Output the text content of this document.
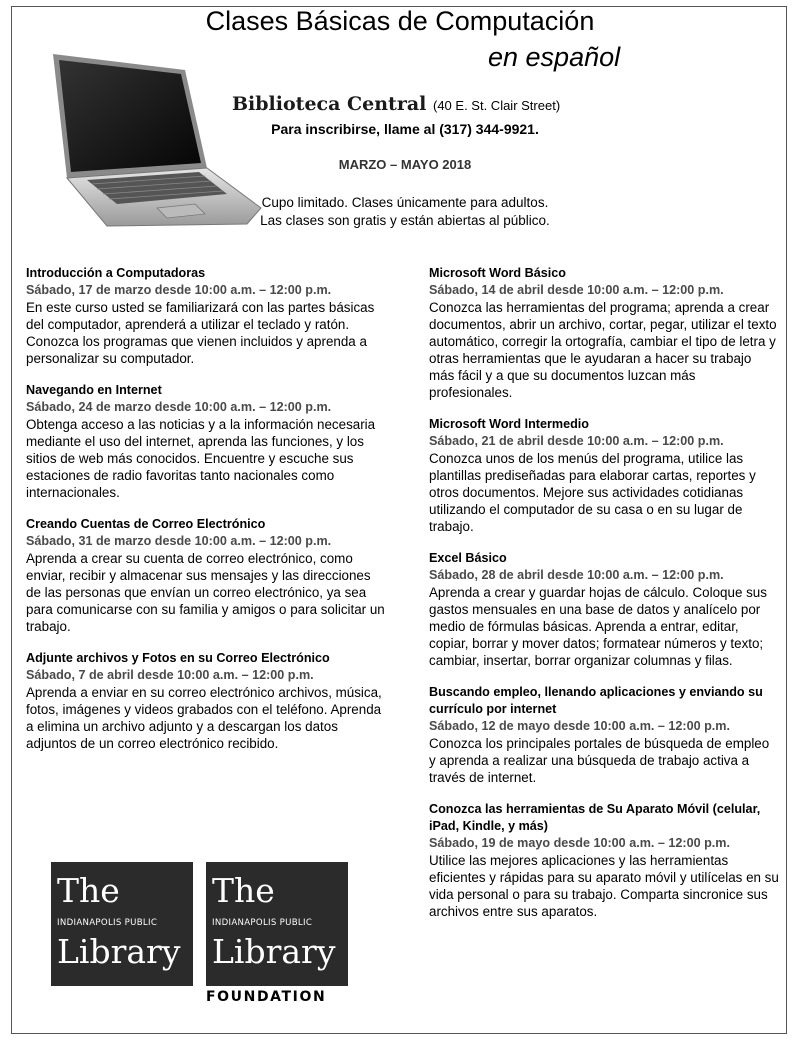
Clases Básicas de Computación
en español
Biblioteca Central (40 E. St. Clair Street)
Para inscribirse, llame al (317) 344-9921.
MARZO – MAYO 2018
Cupo limitado. Clases únicamente para adultos.
Las clases son gratis y están abiertas al público.
Introducción a Computadoras
Sábado, 17 de marzo desde 10:00 a.m. – 12:00 p.m.
En este curso usted se familiarizará con las partes básicas del computador, aprenderá a utilizar el teclado y ratón. Conozca los programas que vienen incluidos y aprenda a personalizar su computador.
Navegando en Internet
Sábado, 24 de marzo desde 10:00 a.m. – 12:00 p.m.
Obtenga acceso a las noticias y a la información necesaria mediante el uso del internet, aprenda las funciones, y los sitios de web más conocidos. Encuentre y escuche sus estaciones de radio favoritas tanto nacionales como internacionales.
Creando Cuentas de Correo Electrónico
Sábado, 31 de marzo desde 10:00 a.m. – 12:00 p.m.
Aprenda a crear su cuenta de correo electrónico, como enviar, recibir y almacenar sus mensajes y las direcciones de las personas que envían un correo electrónico, ya sea para comunicarse con su familia y amigos o para solicitar un trabajo.
Adjunte archivos y Fotos en su Correo Electrónico
Sábado, 7 de abril desde 10:00 a.m. – 12:00 p.m.
Aprenda a enviar en su correo electrónico archivos, música, fotos, imágenes y videos grabados con el teléfono. Aprenda a elimina un archivo adjunto y a descargan los datos adjuntos de un correo electrónico recibido.
Microsoft Word Básico
Sábado, 14 de abril desde 10:00 a.m. – 12:00 p.m.
Conozca las herramientas del programa; aprenda a crear documentos, abrir un archivo, cortar, pegar, utilizar el texto automático, corregir la ortografía, cambiar el tipo de letra y otras herramientas que le ayudaran a hacer su trabajo más fácil y a que su documentos luzcan más profesionales.
Microsoft Word Intermedio
Sábado, 21 de abril desde 10:00 a.m. – 12:00 p.m.
Conozca unos de los menús del programa, utilice las plantillas prediseñadas para elaborar cartas, reportes y otros documentos. Mejore sus actividades cotidianas utilizando el computador de su casa o en su lugar de trabajo.
Excel Básico
Sábado, 28 de abril desde 10:00 a.m. – 12:00 p.m.
Aprenda a crear y guardar hojas de cálculo. Coloque sus gastos mensuales en una base de datos y analícelo por medio de fórmulas básicas. Aprenda a entrar, editar, copiar, borrar y mover datos; formatear números y texto; cambiar, insertar, borrar organizar columnas y filas.
Buscando empleo, llenando aplicaciones y enviando su currículo por internet
Sábado, 12 de mayo desde 10:00 a.m. – 12:00 p.m.
Conozca los principales portales de búsqueda de empleo y aprenda a realizar una búsqueda de trabajo activa a través de internet.
Conozca las herramientas de Su Aparato Móvil (celular, iPad, Kindle, y más)
Sábado, 19 de mayo desde 10:00 a.m. – 12:00 p.m.
Utilice las mejores aplicaciones y las herramientas eficientes y rápidas para su aparato móvil y utilícelas en su vida personal o para su trabajo. Comparta sincronice sus archivos entre sus aparatos.
The
INDIANAPOLIS PUBLIC
Library
The
INDIANAPOLIS PUBLIC
Library
FOUNDATION
